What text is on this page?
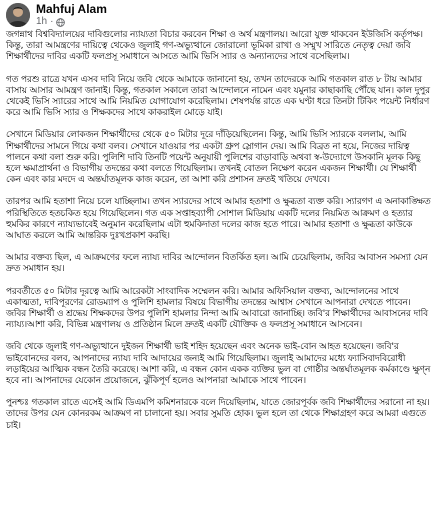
Mahfuj Alam
1h ·

জগন্নাথ বিশ্ববিদ্যালয়ের দাবিগুলোর ন্যায্যতা বিচার করবেন শিক্ষা ও অর্থ মন্ত্রণালয়। আরো যুক্ত থাকবেন ইউজিসি কর্তৃপক্ষ। কিন্তু, তারা আমন্ত্রণের দায়িত্বে থেকেও জুলাই গণ-অভ্যুত্থানে জোরালো ভূমিকা রাখা ও সম্মুখ সারিতে নেতৃত্ব দেয়া জবি শিক্ষার্থীদের দাবির একটি ফলপ্রসূ সমাধানে আসতে আমি ভিসি স্যার ও অন্যান্যদের সাথে বসেছিলাম।

গত পরশু রাত্রে যখন এসব দাবি নিয়ে জবি থেকে আমাকে জানানো হয়, তখন তাদেরকে আমি গতকাল রাত ৮ টায় আমার বাসায় আসার আমন্ত্রণ জানাই। কিন্তু, গতকাল সকালে তারা আন্দোলনে নামেন এবং যমুনার কাছাকাছি পৌঁছে যান। কাল দুপুর থেকেই ভিসি স্যারের সাথে আমি নিয়মিত যোগাযোগ করেছিলাম। শেষপর্যন্ত রাতে এক ঘণ্টা ধরে তিনটা টিকিং পয়েন্ট নির্ধারণ করে আমি ভিসি স্যার ও শিক্ষকদের সাথে কাকরাইল মোড়ে যাই।

সেখানে মিডিয়ার লোকজন শিক্ষার্থীদের থেকে ৫০ মিটার দূরে দাঁড়িয়েছিলেন। কিন্তু, আমি ভিসি স্যারকে বললাম, আমি শিক্ষার্থীদের সামনে গিয়ে কথা বলব। সেখানে যাওয়ার পর একটা গ্রুপ স্লোগান দেয়। আমি বিব্রত না হয়ে, নিজের দায়িত্ব পালনে কথা বলা শুরু করি। পুলিশি দাবি তিনটি পয়েন্ট অনুযায়ী পুলিশের বাড়াবাড়ি অথবা স্ব-উদ্যোগে উসকানি মূলক কিছু হলে ক্ষমাপ্রার্থনা ও বিভাগীয় তদন্তের কথা বলতে গিয়েছিলাম। তখনই বোতল নিক্ষেপ করেন একজন শিক্ষার্থী। যে শিক্ষার্থী কেন এবং কার মদদে এ অন্তর্ঘাতমূলক কাজ করেন, তা আশা করি প্রশাসন দ্রুতই খতিয়ে দেখবে।

তারপর আমি হতাশা নিয়ে চলে যাচ্ছিলাম। তখন স্যারদের সাথে আমার হতাশা ও ক্ষুব্ধতা ব্যক্ত করি। স্যারগণ এ অনাকাঙ্ক্ষিত পরিস্থিতিতে হতচকিত হয়ে গিয়েছিলেন। গত এক সপ্তাহব্যাপী সোশাল মিডিয়ায় একটি দলের নিয়মিত আক্রমণ ও হত্যার হুমকির কারণে ন্যায্যভাবেই অনুমান করেছিলাম এটা হুমকিদাতা দলের কাজ হতে পারে। আমার হতাশা ও ক্ষুব্ধতা কাউকে আঘাত করলে আমি আন্তরিক দুঃখপ্রকাশ করছি।

আমার বক্তব্য ছিল, এ আক্রমণের ফলে ন্যায্য দাবির আন্দোলন বিতর্কিত হল। আমি চেয়েছিলাম, জবির আবাসন সমস্যা যেন দ্রুত সমাধান হয়।

পরবর্তীতে ৫০ মিটার দূরত্বে আমি আরেকটা সাংবাদিক সম্মেলন করি। আমার অফিসিয়াল বক্তব্য, আন্দোলনের সাথে একাত্মতা, দাবিপূরণের রোডম্যাপ ও পুলিশি হামলার বিষয়ে বিভাগীয় তদন্তের আশ্বাস সেখানে আপনারা দেখতে পাবেন। জবির শিক্ষার্থী ও শ্রদ্ধেয় শিক্ষকদের উপর পুলিশি হামলার নিন্দা আমি আবারো জানাচ্ছি। জবি'র শিক্ষার্থীদের আবাসনের দাবি ন্যায্য।আশা করি, বিভিন্ন মন্ত্রণালয় ও প্রতিষ্ঠান মিলে দ্রুতই একটি যৌক্তিক ও ফলপ্রসূ সমাধানে আসবেন।

জবি থেকে জুলাই গণ-অভ্যুত্থানে দুইজন শিক্ষার্থী ভাই শহিদ হয়েছেন এবং অনেক ভাই-বোন আহত হয়েছেন। জবি'র ভাইবোনদের বলব, আপনাদের ন্যায্য দাবি আদায়ের জন্যই আমি গিয়েছিলাম। জুলাই আমাদের মধ্যে ফ্যাসিবাদবিরোধী লড়াইয়ের আত্মিক বন্ধন তৈরি করেছে। আশা করি, এ বন্ধন কোন একক ব্যক্তির ভুল বা গোষ্ঠীর অন্তর্ঘাতমূলক কর্মকাণ্ডে ক্ষুণ্ন হবে না। আপনাদের যেকোন প্রয়োজনে, ঝুঁকিপূর্ণ হলেও আপনারা আমাকে সাথে পাবেন।

পুনশ্চঃ গতকাল রাতে এসেই আমি ডিএমপি কমিশনারকে বলে দিয়েছিলাম, যাতে জোরপূর্বক জবি শিক্ষার্থীদের সরানো না হয়। তাদের উপর যেন কোনরকম আক্রমণ না চালানো হয়। সবার সুমতি হোক। ভুল হলে তা থেকে শিক্ষাগ্রহণ করে আমরা এগুতে চাই।
